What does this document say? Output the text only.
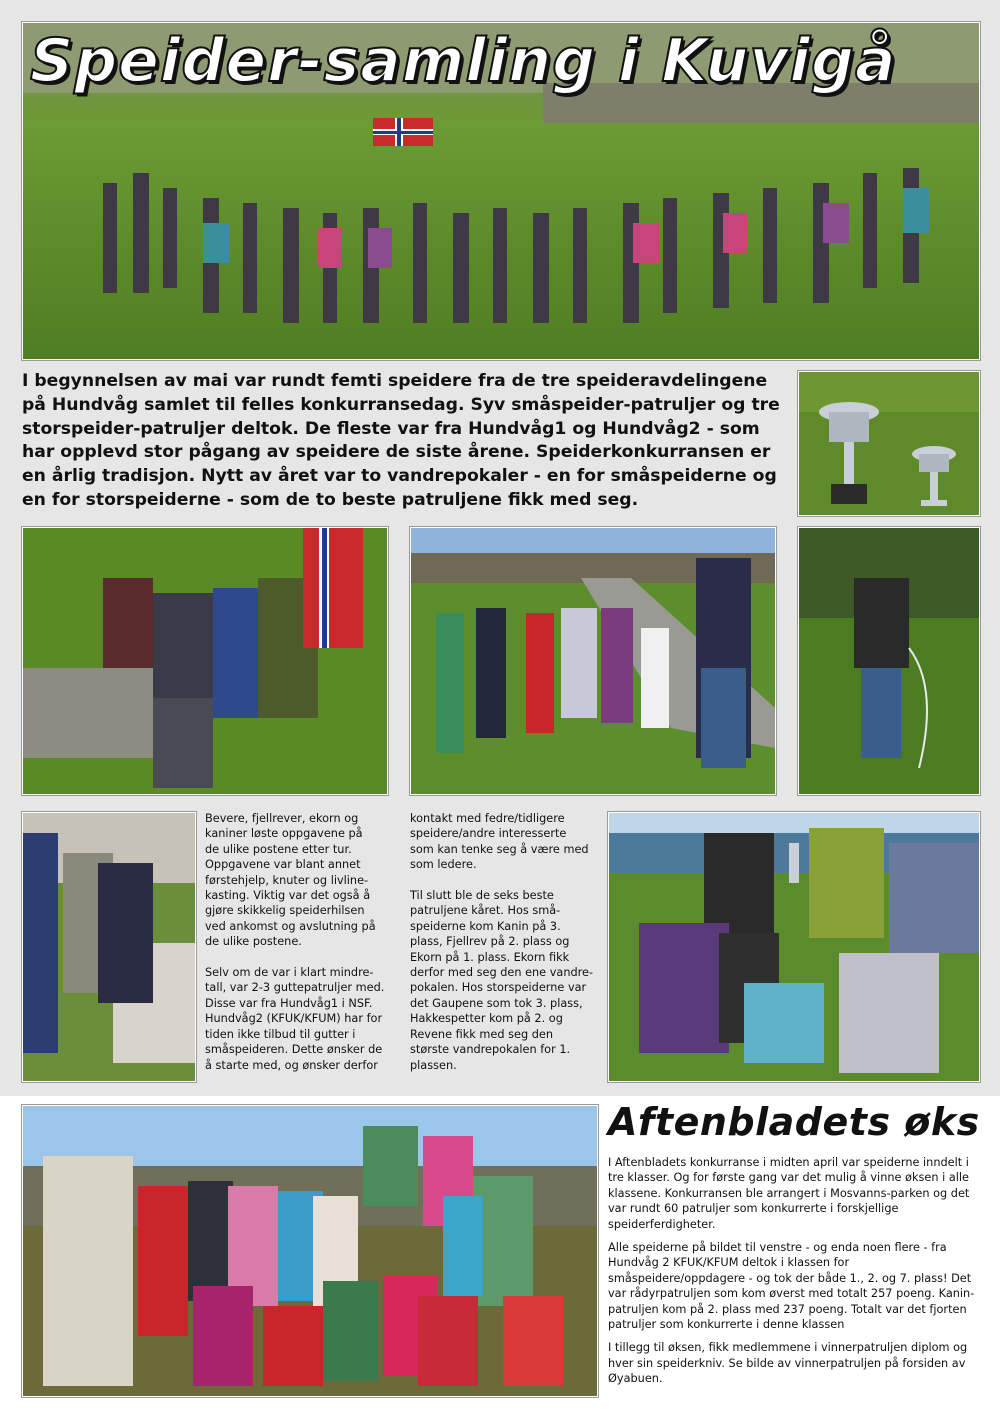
Speider-samling i Kuvigå
I begynnelsen av mai var rundt femti speidere fra de tre speideravdelingene på Hundvåg samlet til felles konkurransedag. Syv småspeider-patruljer og tre storspeider-patruljer deltok. De fleste var fra Hundvåg1 og Hundvåg2 - som har opplevd stor pågang av speidere de siste årene. Speiderkonkurransen er en årlig tradisjon. Nytt av året var to vandrepokaler - en for småspeiderne og en for storspeiderne - som de to beste patruljene fikk med seg.
Bevere, fjellrever, ekorn og
kaniner løste oppgavene på
de ulike postene etter tur.
Oppgavene var blant annet
førstehjelp, knuter og livline-
kasting. Viktig var det også å
gjøre skikkelig speiderhilsen
ved ankomst og avslutning på
de ulike postene.

Selv om de var i klart mindre-
tall, var 2-3 guttepatruljer med.
Disse var fra Hundvåg1 i NSF.
Hundvåg2 (KFUK/KFUM) har for
tiden ikke tilbud til gutter i
småspeideren. Dette ønsker de
å starte med, og ønsker derfor
kontakt med fedre/tidligere
speidere/andre interesserte
som kan tenke seg å være med
som ledere.

Til slutt ble de seks beste
patruljene kåret. Hos små-
speiderne kom Kanin på 3.
plass, Fjellrev på 2. plass og
Ekorn på 1. plass. Ekorn fikk
derfor med seg den ene vandre-
pokalen. Hos storspeiderne var
det Gaupene som tok 3. plass,
Hakkespetter kom på 2. og
Revene fikk med seg den
største vandrepokalen for 1.
plassen.
Aftenbladets øks

I Aftenbladets konkurranse i midten april var speiderne inndelt i tre klasser. Og for første gang var det mulig å vinne øksen i alle klassene. Konkurransen ble arrangert i Mosvanns-parken og det var rundt 60 patruljer som konkurrerte i forskjellige speiderferdigheter.

Alle speiderne på bildet til venstre - og enda noen flere - fra Hundvåg 2 KFUK/KFUM deltok i klassen for småspeidere/oppdagere - og tok der både 1., 2. og 7. plass! Det var rådyrpatruljen som kom øverst med totalt 257 poeng. Kanin-patruljen kom på 2. plass med 237 poeng. Totalt var det fjorten patruljer som konkurrerte i denne klassen

I tillegg til øksen, fikk medlemmene i vinnerpatruljen diplom og hver sin speiderkniv. Se bilde av vinnerpatruljen på forsiden av Øyabuen.
